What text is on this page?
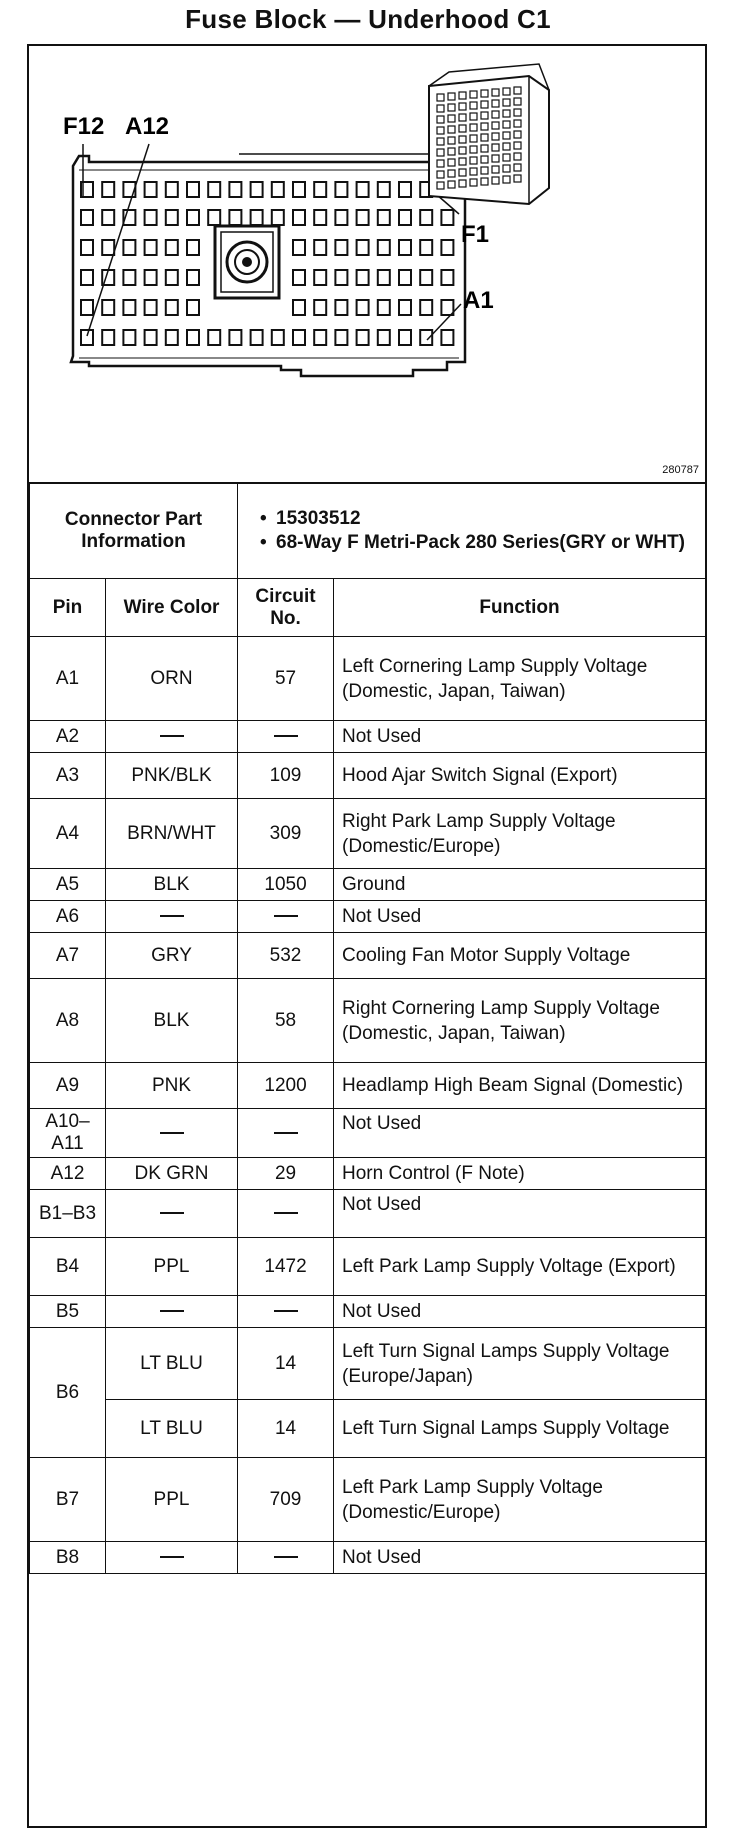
Fuse Block — Underhood C1
F12 A12
F1
A1
280787
Connector Part Information		• 15303512
• 68-Way F Metri-Pack 280 Series(GRY or WHT)

Pin	Wire Color	Circuit No.	Function
A1	ORN	57	Left Cornering Lamp Supply Voltage (Domestic, Japan, Taiwan)
A2			Not Used
A3	PNK/BLK	109	Hood Ajar Switch Signal (Export)
A4	BRN/WHT	309	Right Park Lamp Supply Voltage (Domestic/Europe)
A5	BLK	1050	Ground
A6			Not Used
A7	GRY	532	Cooling Fan Motor Supply Voltage
A8	BLK	58	Right Cornering Lamp Supply Voltage (Domestic, Japan, Taiwan)
A9	PNK	1200	Headlamp High Beam Signal (Domestic)
A10–A11			Not Used
A12	DK GRN	29	Horn Control (F Note)
B1–B3			Not Used
B4	PPL	1472	Left Park Lamp Supply Voltage (Export)
B5			Not Used
B6	LT BLU	14	Left Turn Signal Lamps Supply Voltage (Europe/Japan)
	LT BLU	14	Left Turn Signal Lamps Supply Voltage
B7	PPL	709	Left Park Lamp Supply Voltage (Domestic/Europe)
B8			Not Used
